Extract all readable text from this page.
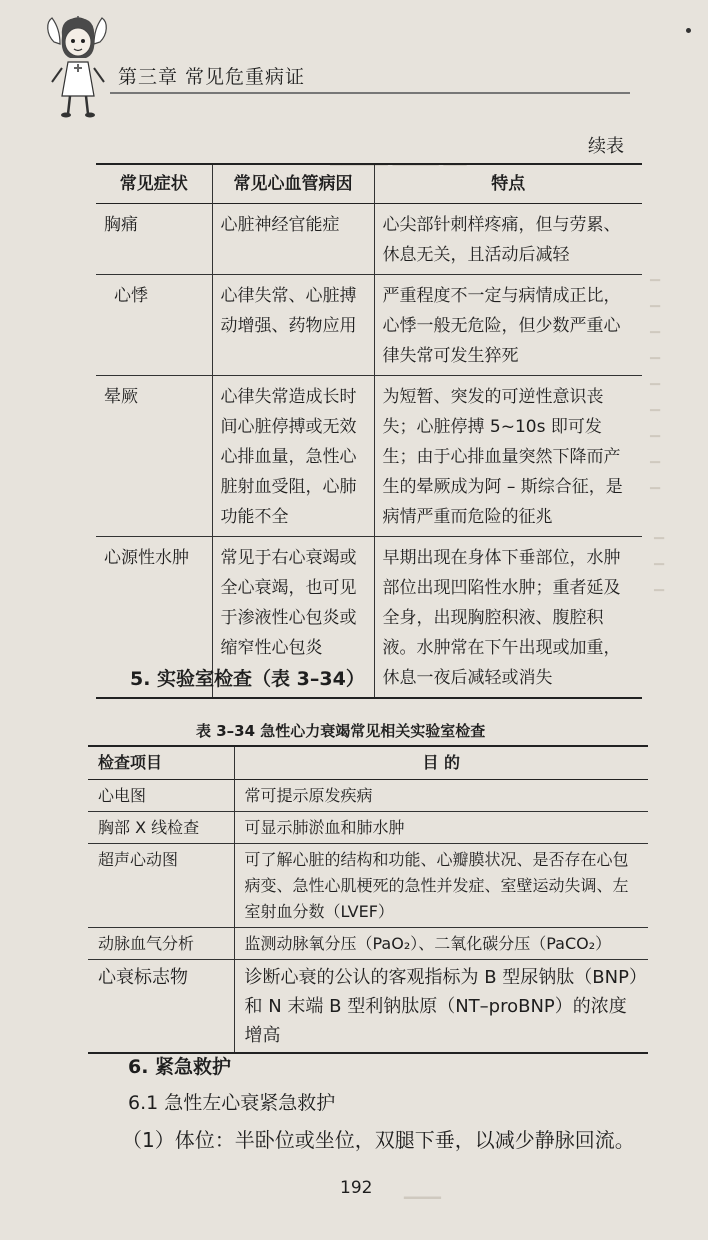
▁▁▁▁▁ ▁▁▁▁ ▁▁
▁
▁
▁
▁
▁
▁
▁
▁
▁
▁
▁
▁
第三章 常见危重病证
续表
常见症状	常见心血管病因	特点
胸痛	心脏神经官能症	心尖部针刺样疼痛，但与劳累、休息无关，且活动后减轻
心悸	心律失常、心脏搏动增强、药物应用	严重程度不一定与病情成正比，心悸一般无危险，但少数严重心律失常可发生猝死
晕厥	心律失常造成长时间心脏停搏或无效心排血量，急性心脏射血受阻，心肺功能不全	为短暂、突发的可逆性意识丧失；心脏停搏 5~10s 即可发生；由于心排血量突然下降而产生的晕厥成为阿 – 斯综合征，是病情严重而危险的征兆
心源性水肿	常见于右心衰竭或全心衰竭，也可见于渗液性心包炎或缩窄性心包炎	早期出现在身体下垂部位，水肿部位出现凹陷性水肿；重者延及全身，出现胸腔积液、腹腔积液。水肿常在下午出现或加重，休息一夜后减轻或消失
5. 实验室检查（表 3–34）
表 3–34 急性心力衰竭常见相关实验室检查
检查项目	目 的
心电图	常可提示原发疾病
胸部 X 线检查	可显示肺淤血和肺水肿
超声心动图	可了解心脏的结构和功能、心瓣膜状况、是否存在心包病变、急性心肌梗死的急性并发症、室壁运动失调、左室射血分数（LVEF）
动脉血气分析	监测动脉氧分压（PaO₂）、二氧化碳分压（PaCO₂）
心衰标志物	诊断心衰的公认的客观指标为 B 型尿钠肽（BNP）和 N 末端 B 型利钠肽原（NT–proBNP）的浓度增高
6. 紧急救护
6.1 急性左心衰紧急救护
（1）体位：半卧位或坐位，双腿下垂，以减少静脉回流。
▁▁▁
192
